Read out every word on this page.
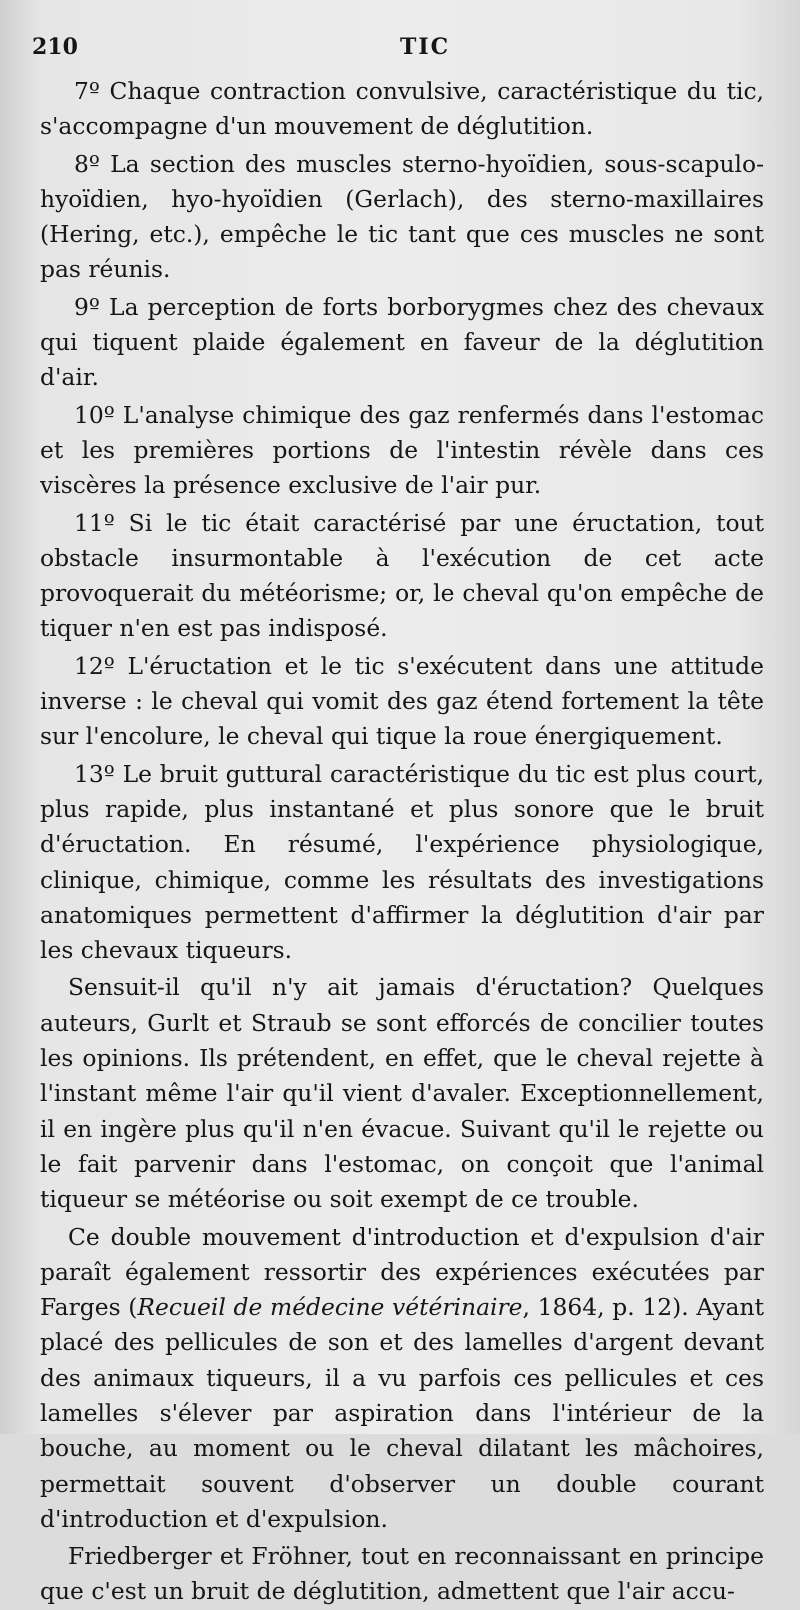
210	TIC

7º Chaque contraction convulsive, caractéristique du tic, s'accompagne d'un mouvement de déglutition.

8º La section des muscles sterno-hyoïdien, sous-scapulo-hyoïdien, hyo-hyoïdien (Gerlach), des sterno-maxillaires (Hering, etc.), empêche le tic tant que ces muscles ne sont pas réunis.

9º La perception de forts borborygmes chez des chevaux qui tiquent plaide également en faveur de la déglutition d'air.

10º L'analyse chimique des gaz renfermés dans l'estomac et les premières portions de l'intestin révèle dans ces viscères la présence exclusive de l'air pur.

11º Si le tic était caractérisé par une éructation, tout obstacle insurmontable à l'exécution de cet acte provoquerait du météorisme; or, le cheval qu'on empêche de tiquer n'en est pas indisposé.

12º L'éructation et le tic s'exécutent dans une attitude inverse : le cheval qui vomit des gaz étend fortement la tête sur l'encolure, le cheval qui tique la roue énergiquement.

13º Le bruit guttural caractéristique du tic est plus court, plus rapide, plus instantané et plus sonore que le bruit d'éructation. En résumé, l'expérience physiologique, clinique, chimique, comme les résultats des investigations anatomiques permettent d'affirmer la déglutition d'air par les chevaux tiqueurs.

Sensuit-il qu'il n'y ait jamais d'éructation? Quelques auteurs, Gurlt et Straub se sont efforcés de concilier toutes les opinions. Ils prétendent, en effet, que le cheval rejette à l'instant même l'air qu'il vient d'avaler. Exceptionnellement, il en ingère plus qu'il n'en évacue. Suivant qu'il le rejette ou le fait parvenir dans l'estomac, on conçoit que l'animal tiqueur se météorise ou soit exempt de ce trouble.

Ce double mouvement d'introduction et d'expulsion d'air paraît également ressortir des expériences exécutées par Farges (Recueil de médecine vétérinaire, 1864, p. 12). Ayant placé des pellicules de son et des lamelles d'argent devant des animaux tiqueurs, il a vu parfois ces pellicules et ces lamelles s'élever par aspiration dans l'intérieur de la bouche, au moment ou le cheval dilatant les mâchoires, permettait souvent d'observer un double courant d'introduction et d'expulsion.

Friedberger et Fröhner, tout en reconnaissant en principe que c'est un bruit de déglutition, admettent que l'air accu-
